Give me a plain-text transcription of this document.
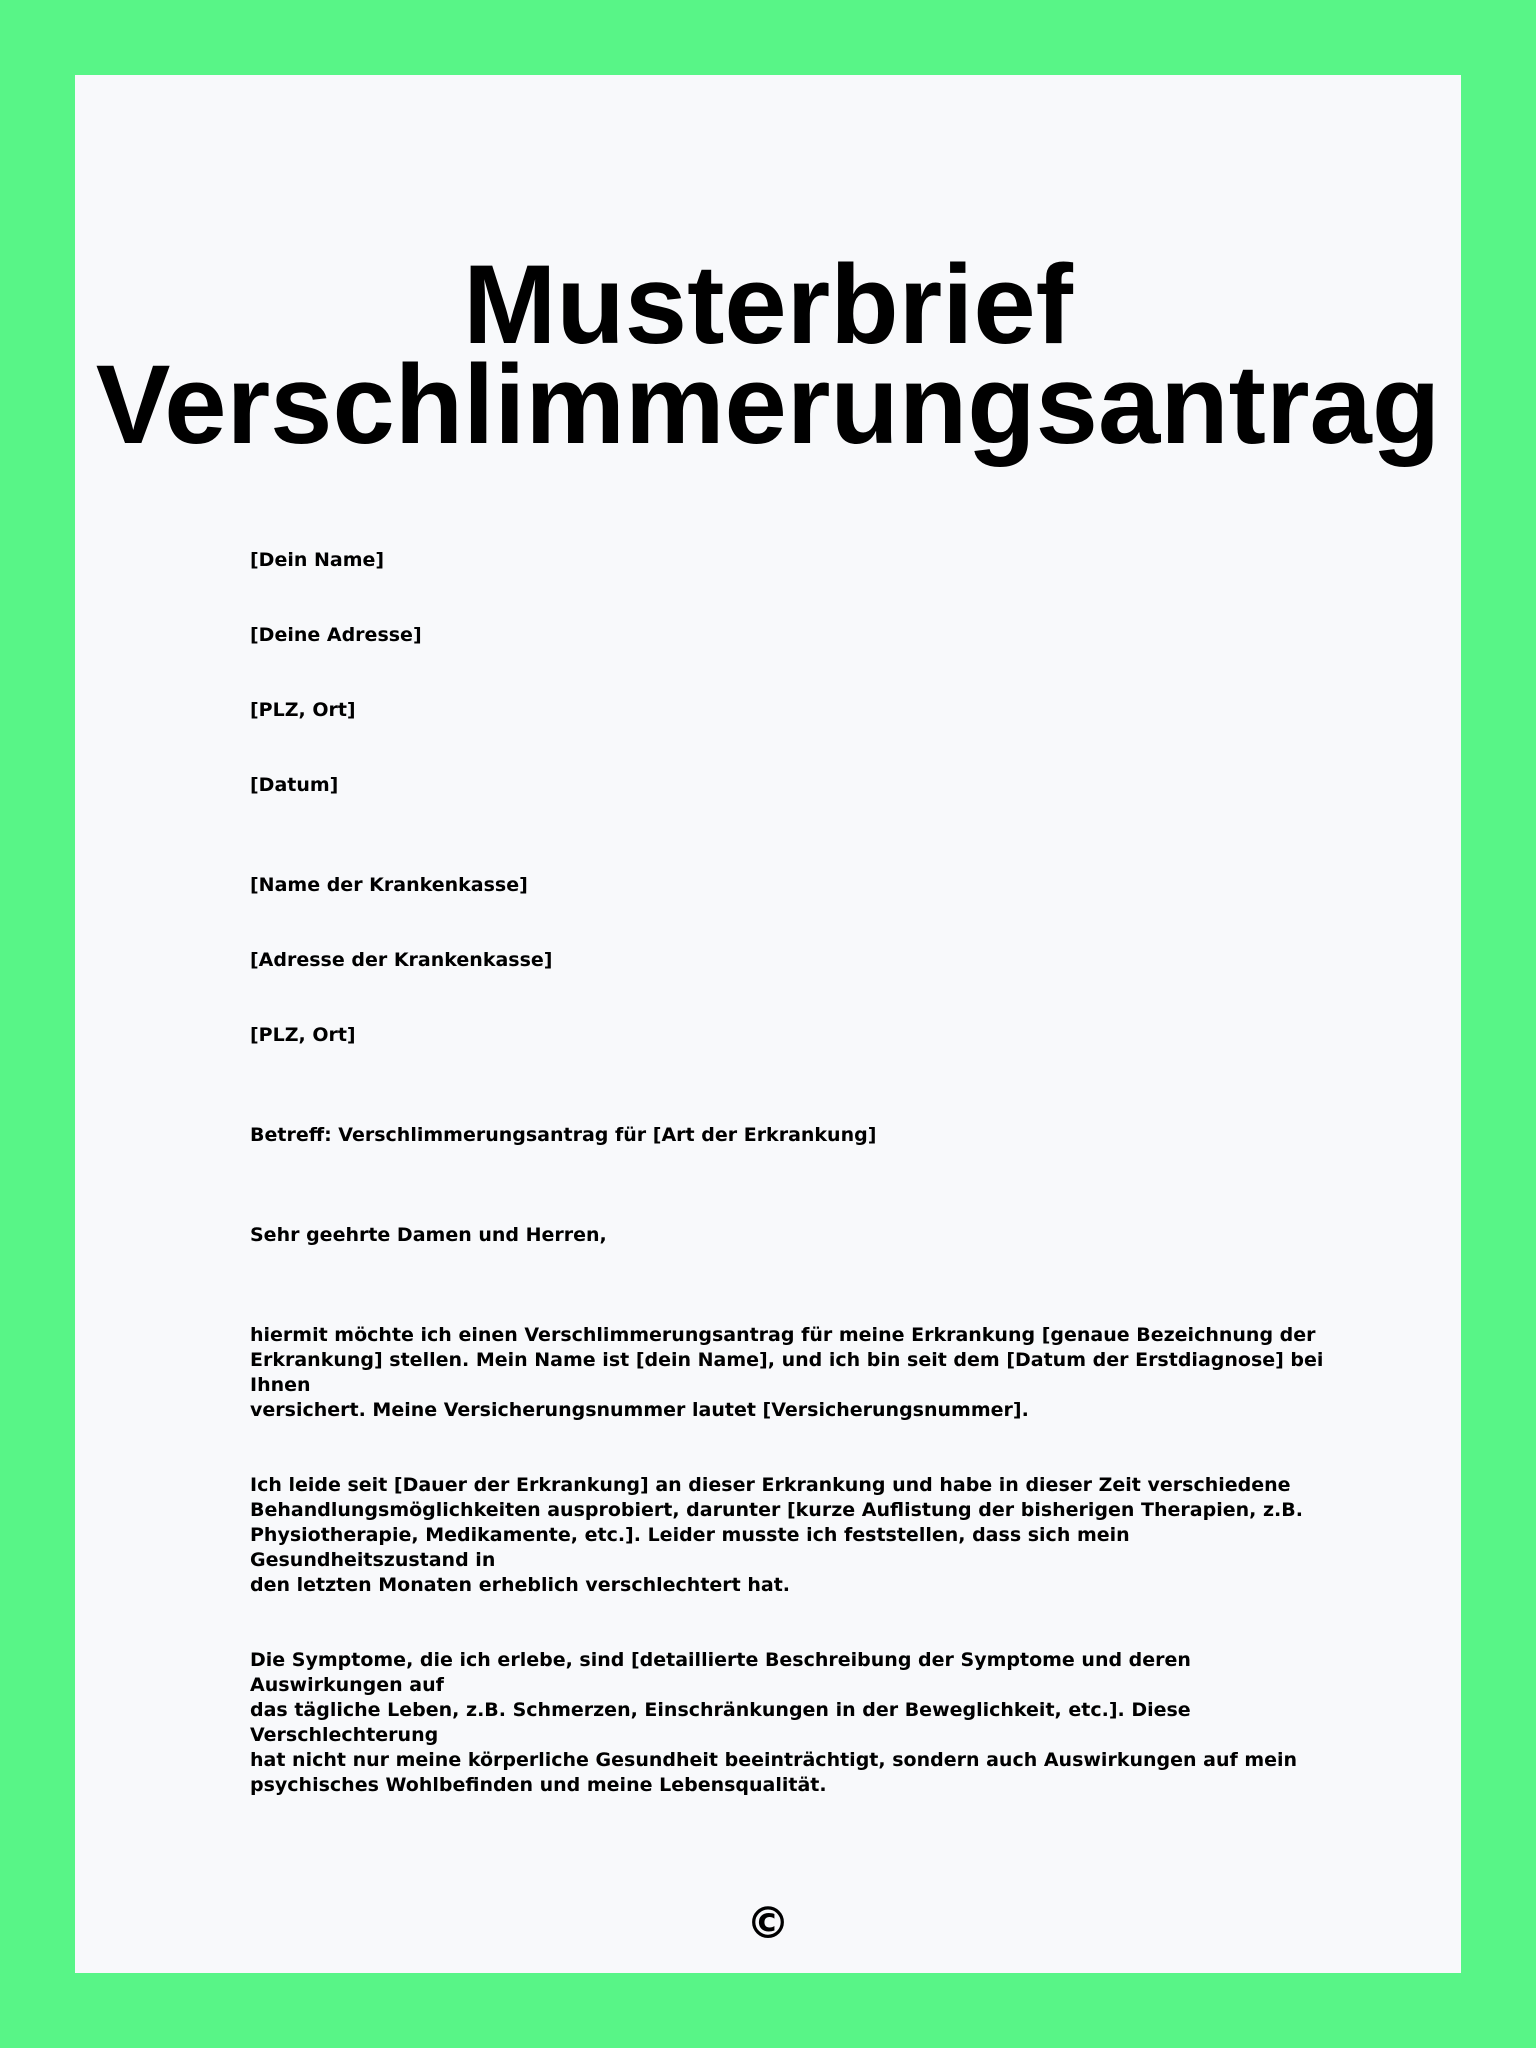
Musterbrief
Verschlimmerungsantrag

[Dein Name]

[Deine Adresse]

[PLZ, Ort]

[Datum]

[Name der Krankenkasse]

[Adresse der Krankenkasse]

[PLZ, Ort]

Betreff: Verschlimmerungsantrag für [Art der Erkrankung]

Sehr geehrte Damen und Herren,

hiermit möchte ich einen Verschlimmerungsantrag für meine Erkrankung [genaue Bezeichnung der
Erkrankung] stellen. Mein Name ist [dein Name], und ich bin seit dem [Datum der Erstdiagnose] bei Ihnen
versichert. Meine Versicherungsnummer lautet [Versicherungsnummer].

Ich leide seit [Dauer der Erkrankung] an dieser Erkrankung und habe in dieser Zeit verschiedene
Behandlungsmöglichkeiten ausprobiert, darunter [kurze Auflistung der bisherigen Therapien, z.B.
Physiotherapie, Medikamente, etc.]. Leider musste ich feststellen, dass sich mein Gesundheitszustand in
den letzten Monaten erheblich verschlechtert hat.

Die Symptome, die ich erlebe, sind [detaillierte Beschreibung der Symptome und deren Auswirkungen auf
das tägliche Leben, z.B. Schmerzen, Einschränkungen in der Beweglichkeit, etc.]. Diese Verschlechterung
hat nicht nur meine körperliche Gesundheit beeinträchtigt, sondern auch Auswirkungen auf mein
psychisches Wohlbefinden und meine Lebensqualität.

©
